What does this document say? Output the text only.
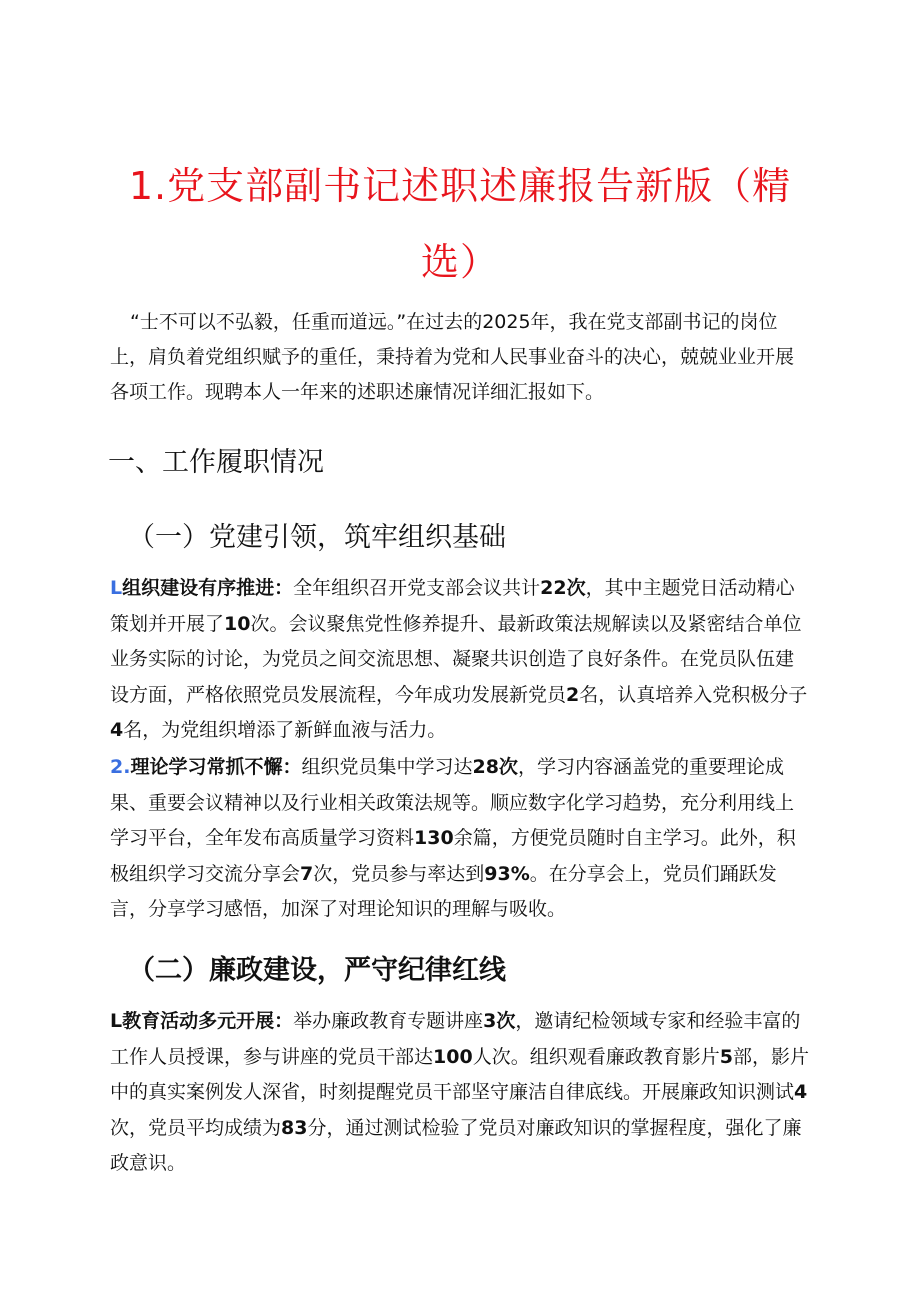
1.党支部副书记述职述廉报告新版（精
选）

“士不可以不弘毅，任重而道远。”在过去的2025年，我在党支部副书记的岗位上，肩负着党组织赋予的重任，秉持着为党和人民事业奋斗的决心，兢兢业业开展各项工作。现聘本人一年来的述职述廉情况详细汇报如下。

一、工作履职情况
（一）党建引领，筑牢组织基础

L组织建设有序推进：全年组织召开党支部会议共计22次，其中主题党日活动精心策划并开展了10次。会议聚焦党性修养提升、最新政策法规解读以及紧密结合单位业务实际的讨论，为党员之间交流思想、凝聚共识创造了良好条件。在党员队伍建设方面，严格依照党员发展流程，今年成功发展新党员2名，认真培养入党积极分子4名，为党组织增添了新鲜血液与活力。

2.理论学习常抓不懈：组织党员集中学习达28次，学习内容涵盖党的重要理论成果、重要会议精神以及行业相关政策法规等。顺应数字化学习趋势，充分利用线上学习平台，全年发布高质量学习资料130余篇，方便党员随时自主学习。此外，积极组织学习交流分享会7次，党员参与率达到93%。在分享会上，党员们踊跃发言，分享学习感悟，加深了对理论知识的理解与吸收。

（二）廉政建设，严守纪律红线

L教育活动多元开展：举办廉政教育专题讲座3次，邀请纪检领域专家和经验丰富的工作人员授课，参与讲座的党员干部达100人次。组织观看廉政教育影片5部，影片中的真实案例发人深省，时刻提醒党员干部坚守廉洁自律底线。开展廉政知识测试4次，党员平均成绩为83分，通过测试检验了党员对廉政知识的掌握程度，强化了廉政意识。
